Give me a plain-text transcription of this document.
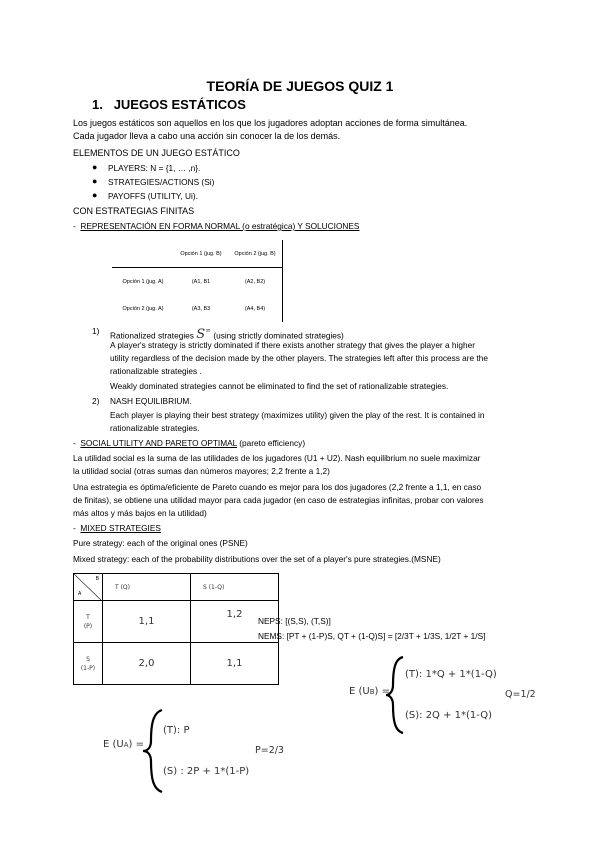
TEORÍA DE JUEGOS QUIZ 1
1. JUEGOS ESTÁTICOS
Los juegos estáticos son aquellos en los que los jugadores adoptan acciones de forma simultánea.
Cada jugador lleva a cabo una acción sin conocer la de los demás.
ELEMENTOS DE UN JUEGO ESTÁTICO
● PLAYERS: N = {1, … ,n}.
● STRATEGIES/ACTIONS (Si)
● PAYOFFS (UTILITY, Ui).
CON ESTRATEGIAS FINITAS
-  REPRESENTACIÓN EN FORMA NORMAL (o estratégica) Y SOLUCIONES
	Opción 1 (jug. B)	Opción 2 (jug. B)
Opción 1 (jug. A)	(A1, B1	(A2, B2)
Opción 2 (jug. A)	(A3, B3	(A4, B4)
1) Rationalized strategies S∞ (using strictly dominated strategies)
A player's strategy is strictly dominated if there exists another strategy that gives the player a higher
utility regardless of the decision made by the other players. The strategies left after this process are the
rationalizable strategies .
Weakly dominated strategies cannot be eliminated to find the set of rationalizable strategies.
2) NASH EQUILIBRIUM.
Each player is playing their best strategy (maximizes utility) given the play of the rest. It is contained in
rationalizable strategies.
-  SOCIAL UTILITY AND PARETO OPTIMAL (pareto efficiency)
La utilidad social es la suma de las utilidades de los jugadores (U1 + U2). Nash equilibrium no suele maximizar
la utilidad social (otras sumas dan números mayores; 2,2 frente a 1,2)
Una estrategia es óptima/eficiente de Pareto cuando es mejor para los dos jugadores (2,2 frente a 1,1, en caso
de finitas), se obtiene una utilidad mayor para cada jugador (en caso de estrategias infinitas, probar con valores
más altos y más bajos en la utilidad)
-  MIXED STRATEGIES
Pure strategy: each of the original ones (PSNE)
Mixed strategy: each of the probability distributions over the set of a player's pure strategies.(MSNE)
B
A	T (Q)	S (1-Q)
T
(P)	1,1	1,2
S
(1-P)	2,0	1,1
NEPS: [(S,S), (T,S)]
NEMS: [PT + (1-P)S, QT + (1-Q)S] = [2/3T + 1/3S, 1/2T + 1/S]
E (UB) =
(T): 1*Q + 1*(1-Q)
(S): 2Q + 1*(1-Q)
Q=1/2
E (UA) =
(T): P
(S) : 2P + 1*(1-P)
P=2/3
